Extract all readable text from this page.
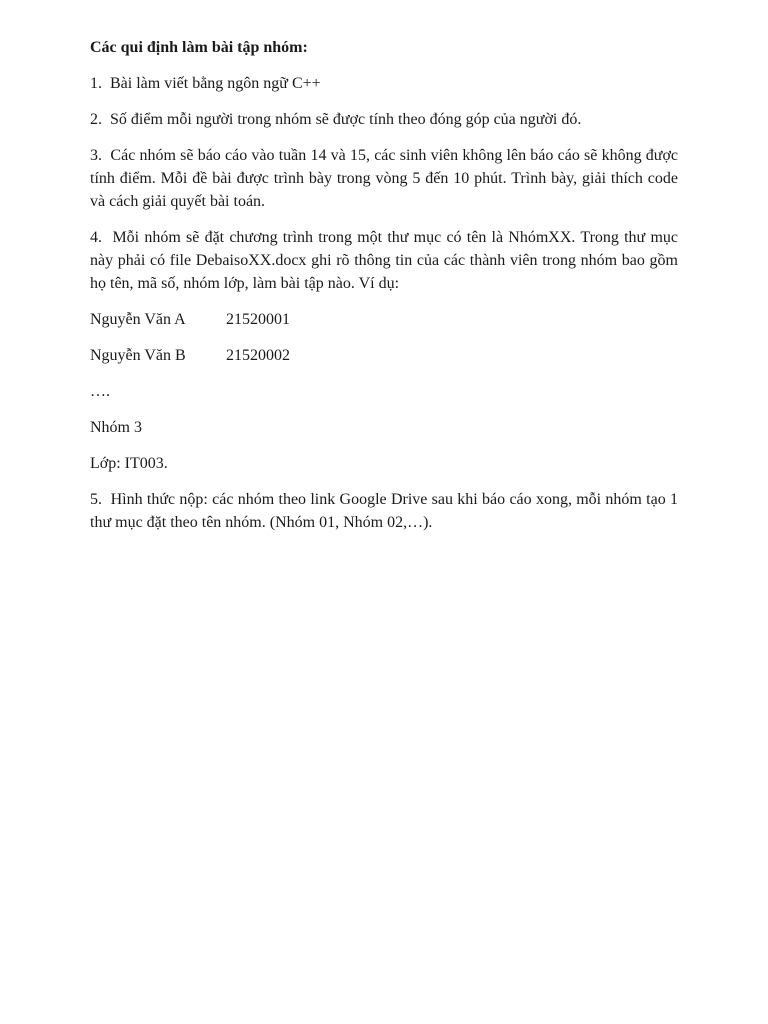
Các qui định làm bài tập nhóm:
1. Bài làm viết bằng ngôn ngữ C++
2. Số điểm mỗi người trong nhóm sẽ được tính theo đóng góp của người đó.
3. Các nhóm sẽ báo cáo vào tuần 14 và 15, các sinh viên không lên báo cáo sẽ không được tính điểm. Mỗi đề bài được trình bày trong vòng 5 đến 10 phút. Trình bày, giải thích code và cách giải quyết bài toán.
4. Mỗi nhóm sẽ đặt chương trình trong một thư mục có tên là NhómXX. Trong thư mục này phải có file DebaisoXX.docx ghi rõ thông tin của các thành viên trong nhóm bao gồm họ tên, mã số, nhóm lớp, làm bài tập nào. Ví dụ:
Nguyễn Văn A	21520001
Nguyễn Văn B	21520002
….
Nhóm 3
Lớp: IT003.
5. Hình thức nộp: các nhóm theo link Google Drive sau khi báo cáo xong, mỗi nhóm tạo 1 thư mục đặt theo tên nhóm. (Nhóm 01, Nhóm 02,…).
